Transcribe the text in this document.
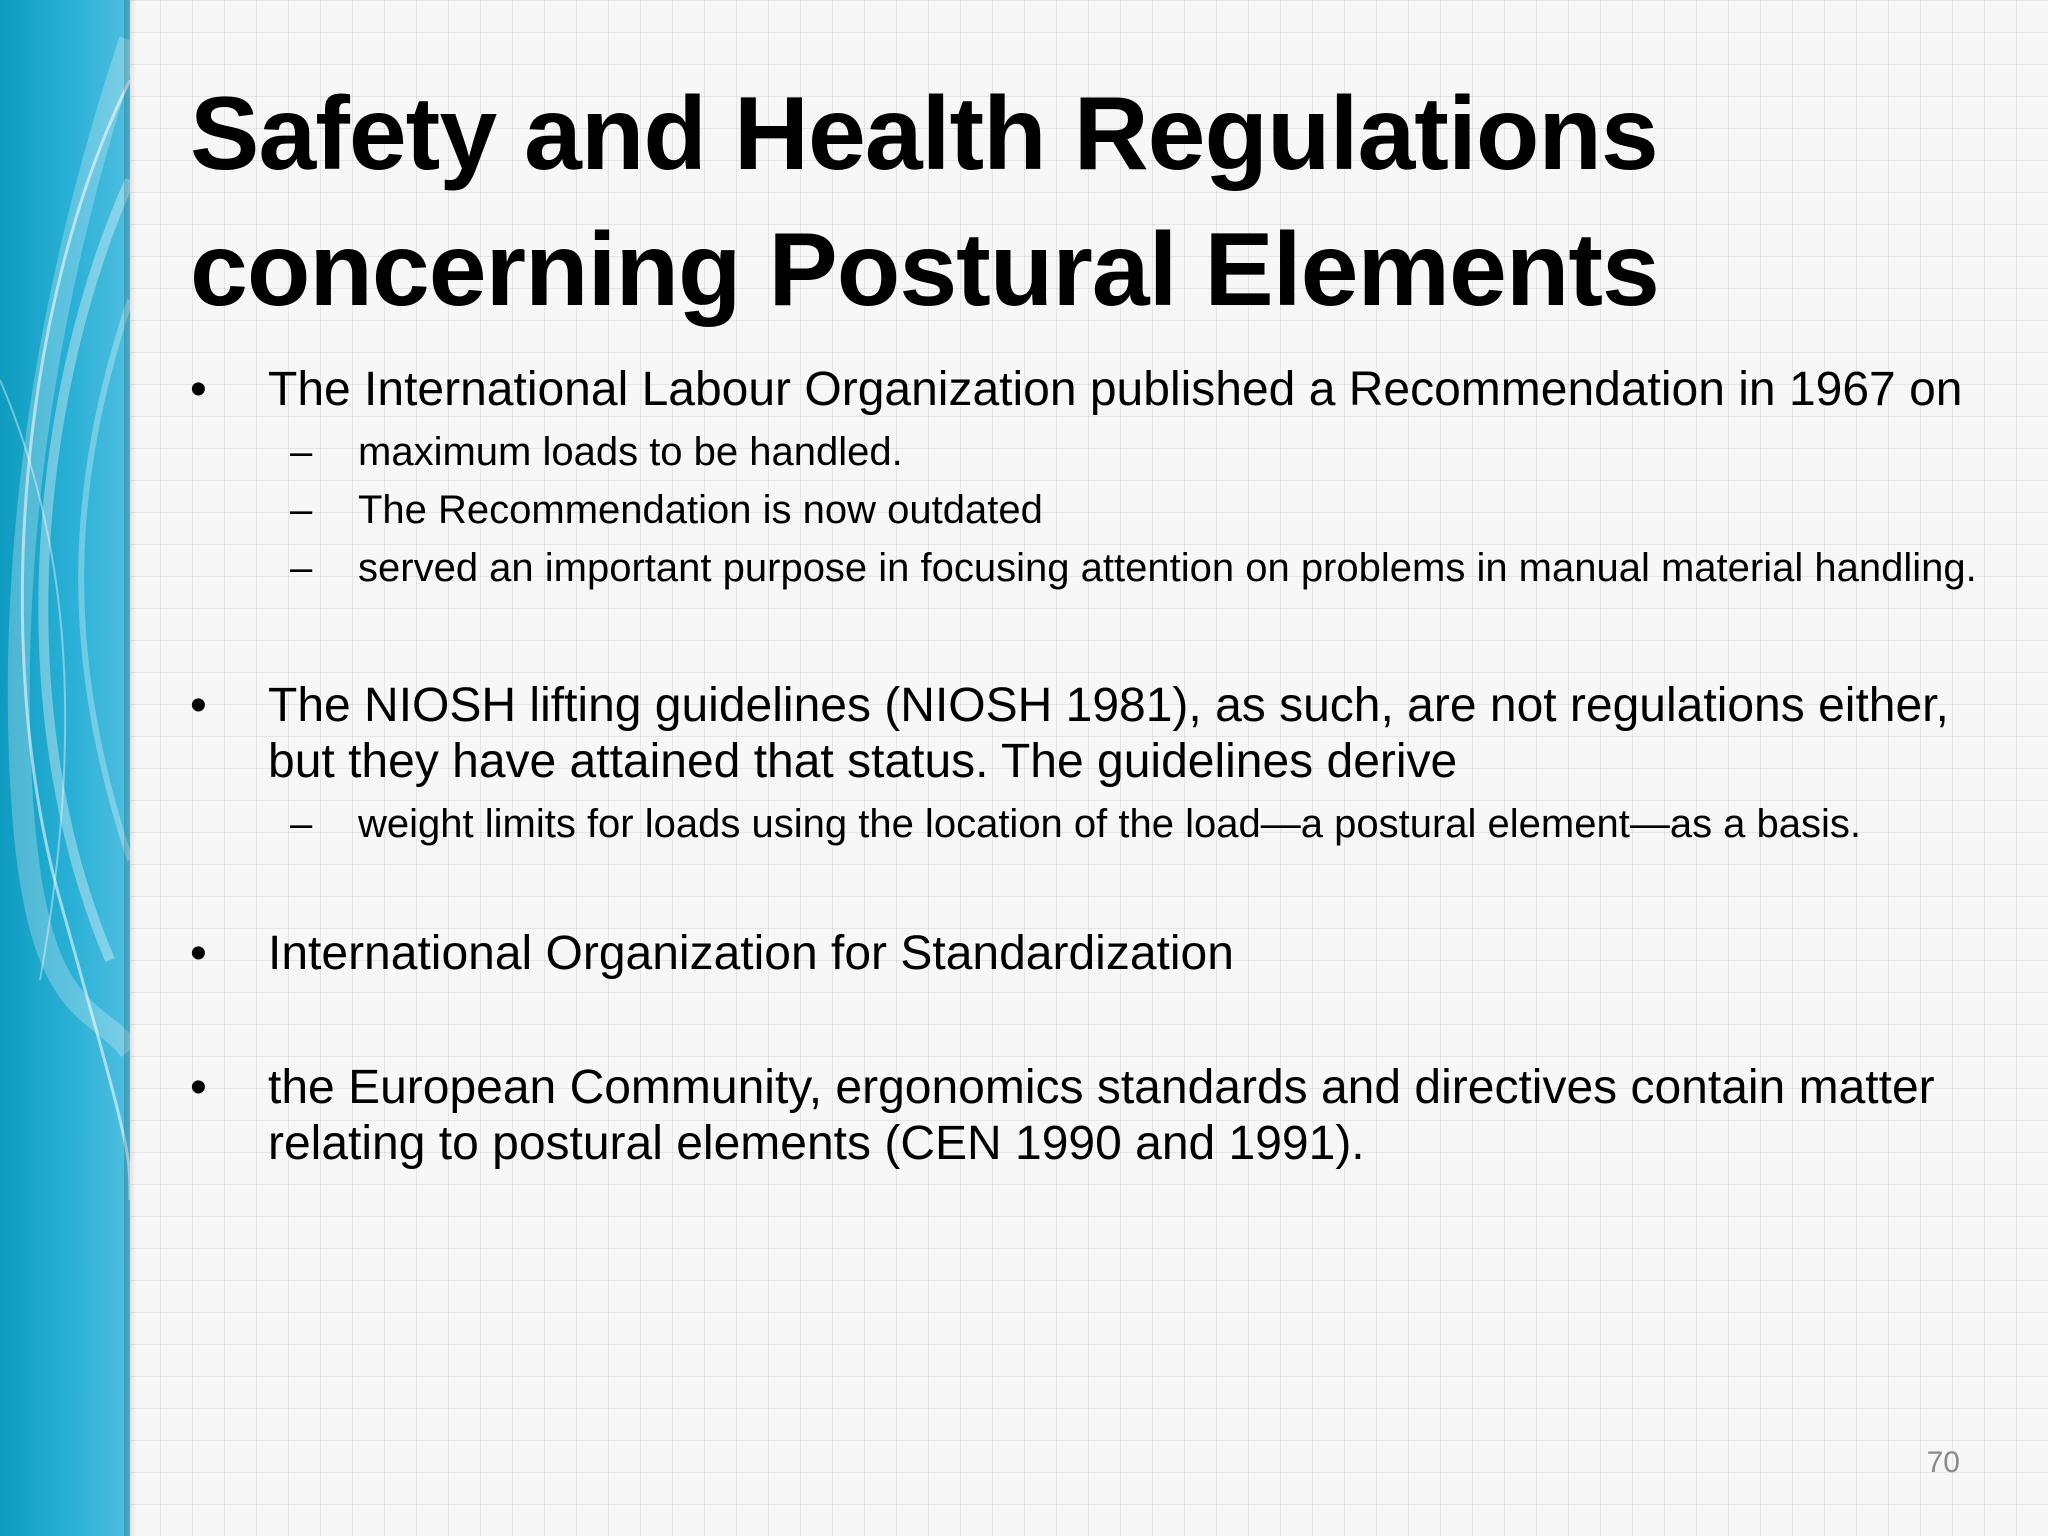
Safety and Health Regulations
concerning Postural Elements
•	The International Labour Organization published a Recommendation in 1967 on
– maximum loads to be handled.
– The Recommendation is now outdated
– served an important purpose in focusing attention on problems in manual material handling.
•	The NIOSH lifting guidelines (NIOSH 1981), as such, are not regulations either, but they have attained that status. The guidelines derive
– weight limits for loads using the location of the load—a postural element—as a basis.
•	International Organization for Standardization
•	the European Community, ergonomics standards and directives contain matter relating to postural elements (CEN 1990 and 1991).
70
